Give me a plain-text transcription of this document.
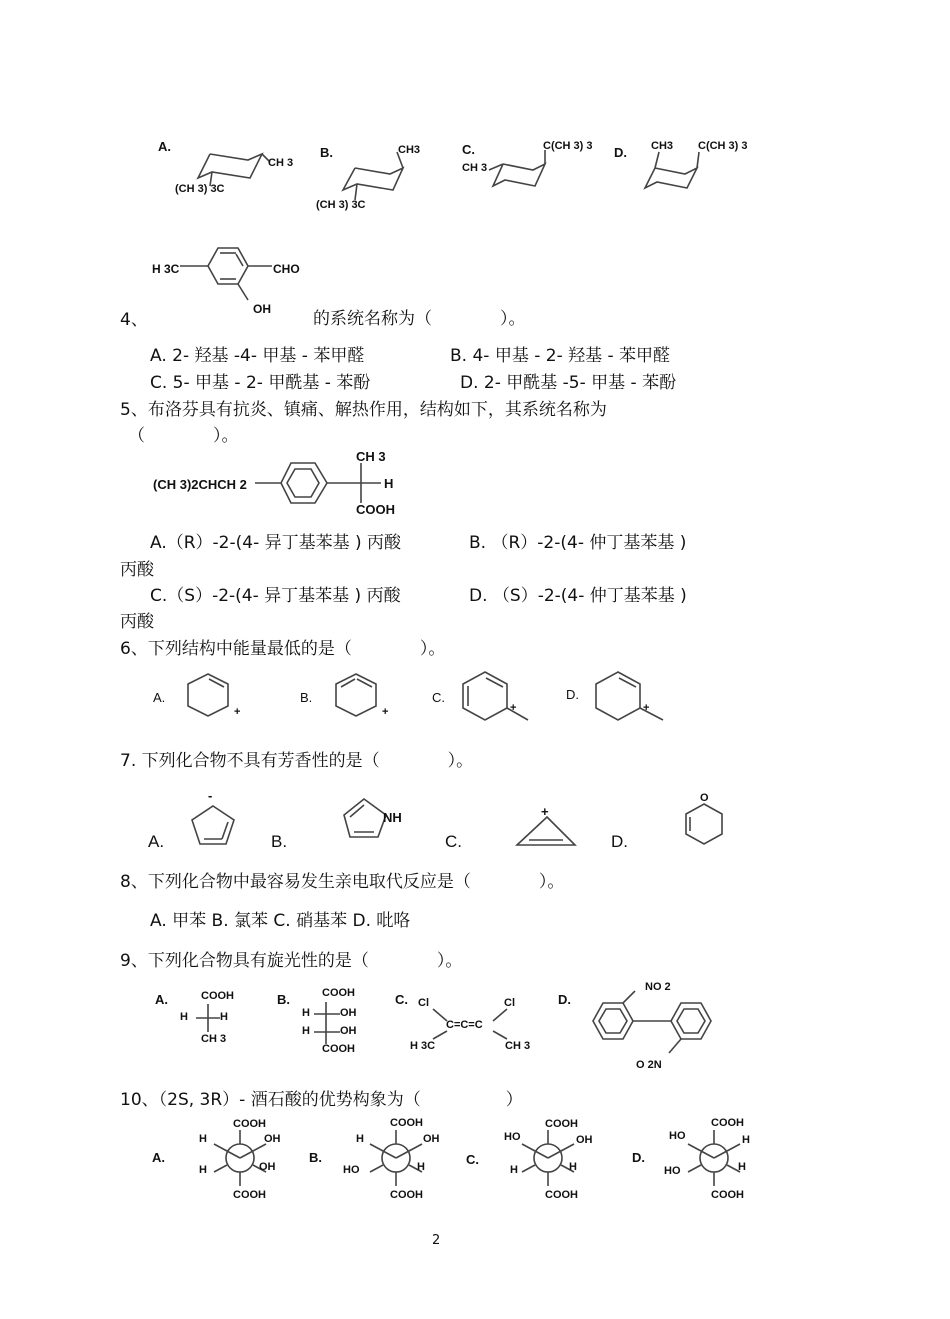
A.
CH 3
(CH 3) 3C
B.	CH3
(CH 3) 3C
C.	C(CH 3) 3
CH 3
D. CH3 C(CH 3) 3
H 3C	CHO
OH
4、	的系统名称为（　　　　）。
A. 2- 羟基 -4- 甲基 - 苯甲醛	B. 4- 甲基 - 2- 羟基 - 苯甲醛
C. 5- 甲基 - 2- 甲酰基 - 苯酚	D. 2- 甲酰基 -5- 甲基 - 苯酚
5、布洛芬具有抗炎、镇痛、解热作用，结构如下，其系统名称为
（　　　　）。
(CH 3)2CHCH 2
CH 3
H
COOH
A.（R）-2-(4- 异丁基苯基 ) 丙酸	B. （R）-2-(4- 仲丁基苯基 )
丙酸
C.（S）-2-(4- 异丁基苯基 ) 丙酸	D. （S）-2-(4- 仲丁基苯基 )
丙酸
6、下列结构中能量最低的是（　　　　）。
A.
+
B.
+
C.
+
D.
+
7. 下列化合物不具有芳香性的是（　　　　）。
A.
-
B.
NH
C.
+
D.
O
8、下列化合物中最容易发生亲电取代反应是（　　　　）。
A. 甲苯 B. 氯苯 C. 硝基苯 D. 吡咯
9、下列化合物具有旋光性的是（　　　　）。
A.	COOH
H	H
CH 3
B.	COOH
H	OH
H	OH
COOH
C. Cl	Cl
C=C=C
H 3C	CH 3
D.
NO 2
O 2N
10、（2S, 3R）- 酒石酸的优势构象为（　　　　　）
A.
COOH
H	OH
H	OH
COOH
B.
COOH
H	OH
HO	H
COOH
C.
COOH
HO	OH
H	H
COOH
D.
COOH
HO	H
HO	H
COOH
2
